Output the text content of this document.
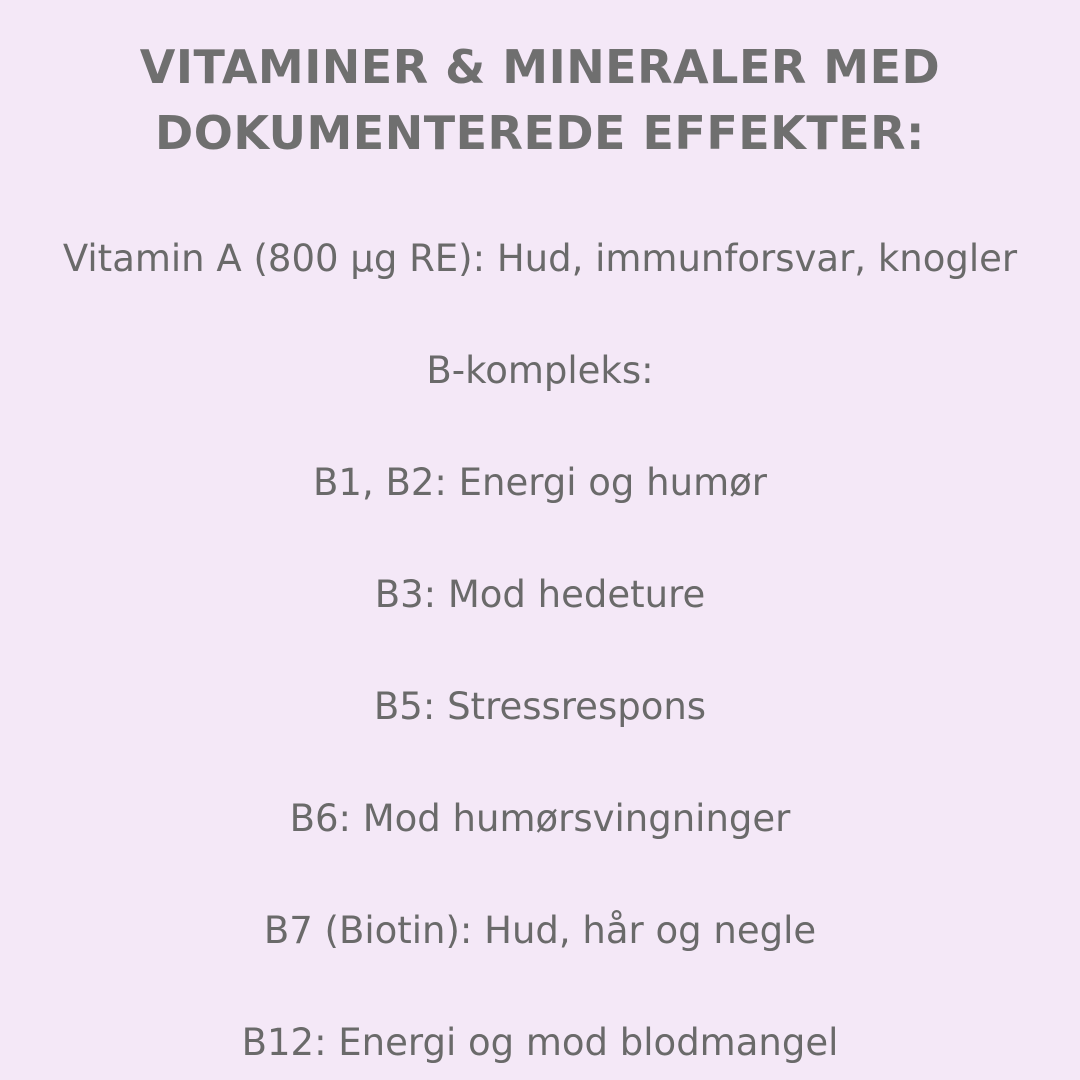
VITAMINER & MINERALER MED
DOKUMENTEREDE EFFEKTER:

Vitamin A (800 µg RE): Hud, immunforsvar, knogler

B-kompleks:

B1, B2: Energi og humør

B3: Mod hedeture

B5: Stressrespons

B6: Mod humørsvingninger

B7 (Biotin): Hud, hår og negle

B12: Energi og mod blodmangel
